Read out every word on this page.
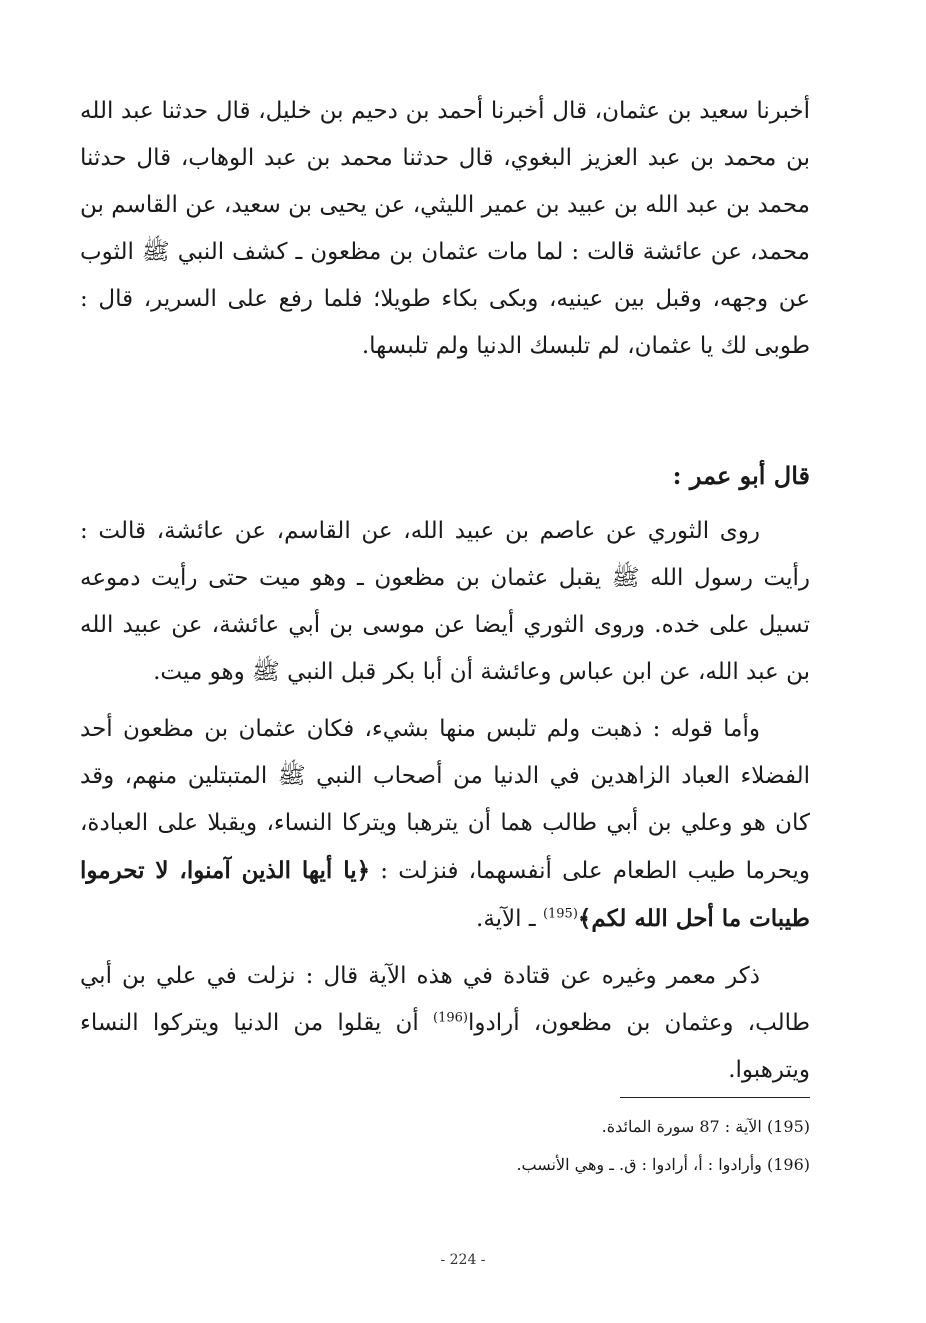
أخبرنا سعيد بن عثمان، قال أخبرنا أحمد بن دحيم بن خليل، قال حدثنا عبد الله بن محمد بن عبد العزيز البغوي، قال حدثنا محمد بن عبد الوهاب، قال حدثنا محمد بن عبد الله بن عبيد بن عمير الليثي، عن يحيى بن سعيد، عن القاسم بن محمد، عن عائشة قالت : لما مات عثمان بن مظعون ـ كشف النبي ﷺ الثوب عن وجهه، وقبل بين عينيه، وبكى بكاء طويلا؛ فلما رفع على السرير، قال : طوبى لك يا عثمان، لم تلبسك الدنيا ولم تلبسها.

قال أبو عمر :

روى الثوري عن عاصم بن عبيد الله، عن القاسم، عن عائشة، قالت : رأيت رسول الله ﷺ يقبل عثمان بن مظعون ـ وهو ميت حتى رأيت دموعه تسيل على خده. وروى الثوري أيضا عن موسى بن أبي عائشة، عن عبيد الله بن عبد الله، عن ابن عباس وعائشة أن أبا بكر قبل النبي ﷺ وهو ميت.

وأما قوله : ذهبت ولم تلبس منها بشيء، فكان عثمان بن مظعون أحد الفضلاء العباد الزاهدين في الدنيا من أصحاب النبي ﷺ المتبتلين منهم، وقد كان هو وعلي بن أبي طالب هما أن يترهبا ويتركا النساء، ويقبلا على العبادة، ويحرما طيب الطعام على أنفسهما، فنزلت : ﴿يا أيها الذين آمنوا، لا تحرموا طيبات ما أحل الله لكم﴾$^{(195)}$ ـ الآية.

ذكر معمر وغيره عن قتادة في هذه الآية قال : نزلت في علي بن أبي طالب، وعثمان بن مظعون، أرادوا$^{(196)}$ أن يقلوا من الدنيا ويتركوا النساء ويترهبوا.

(195) الآية : 87 سورة المائدة.

(196) وأرادوا : أ، أرادوا : ق. ـ وهي الأنسب.

- 224 -
